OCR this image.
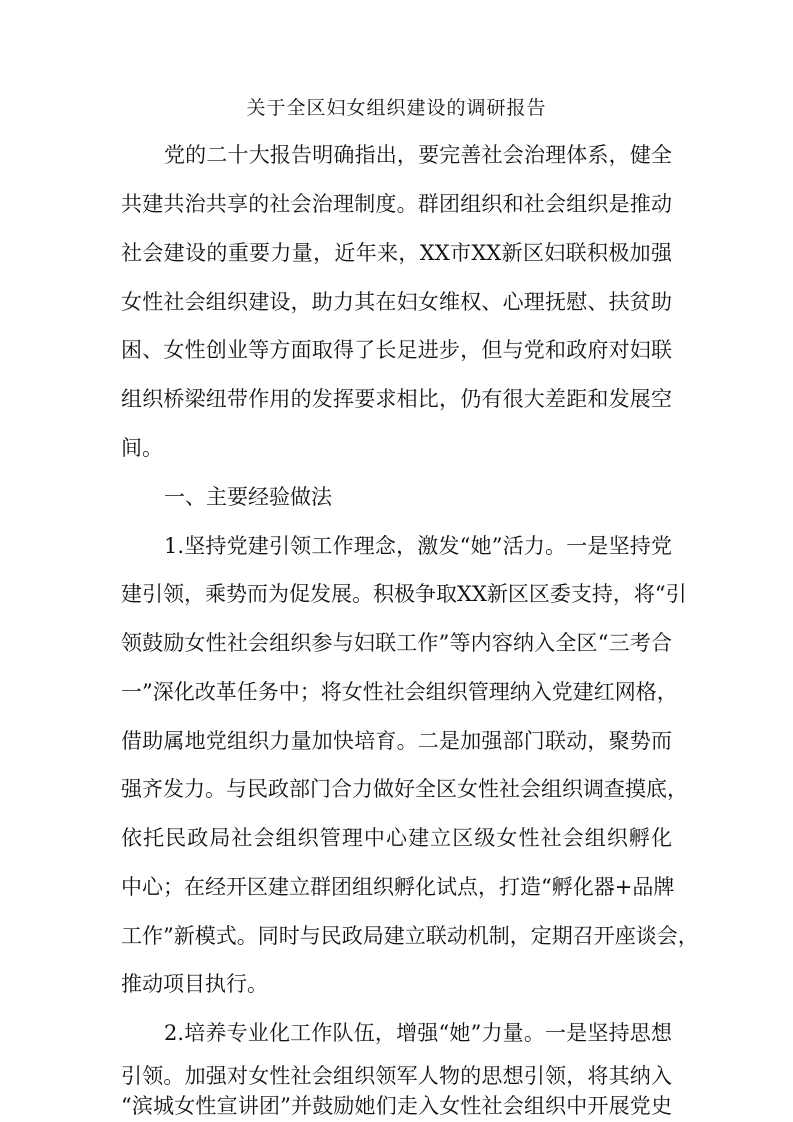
关于全区妇女组织建设的调研报告
党的二十大报告明确指出，要完善社会治理体系，健全
共建共治共享的社会治理制度。群团组织和社会组织是推动
社会建设的重要力量，近年来，XX市XX新区妇联积极加强
女性社会组织建设，助力其在妇女维权、心理抚慰、扶贫助
困、女性创业等方面取得了长足进步，但与党和政府对妇联
组织桥梁纽带作用的发挥要求相比，仍有很大差距和发展空
间。
一、主要经验做法
1.坚持党建引领工作理念，激发“她”活力。一是坚持党
建引领，乘势而为促发展。积极争取XX新区区委支持，将“引
领鼓励女性社会组织参与妇联工作”等内容纳入全区“三考合
一”深化改革任务中；将女性社会组织管理纳入党建红网格，
借助属地党组织力量加快培育。二是加强部门联动，聚势而
强齐发力。与民政部门合力做好全区女性社会组织调查摸底，
依托民政局社会组织管理中心建立区级女性社会组织孵化
中心；在经开区建立群团组织孵化试点，打造“孵化器+品牌
工作”新模式。同时与民政局建立联动机制，定期召开座谈会，
推动项目执行。
2.培养专业化工作队伍，增强“她”力量。一是坚持思想
引领。加强对女性社会组织领军人物的思想引领，将其纳入
“滨城女性宣讲团”并鼓励她们走入女性社会组织中开展党史
